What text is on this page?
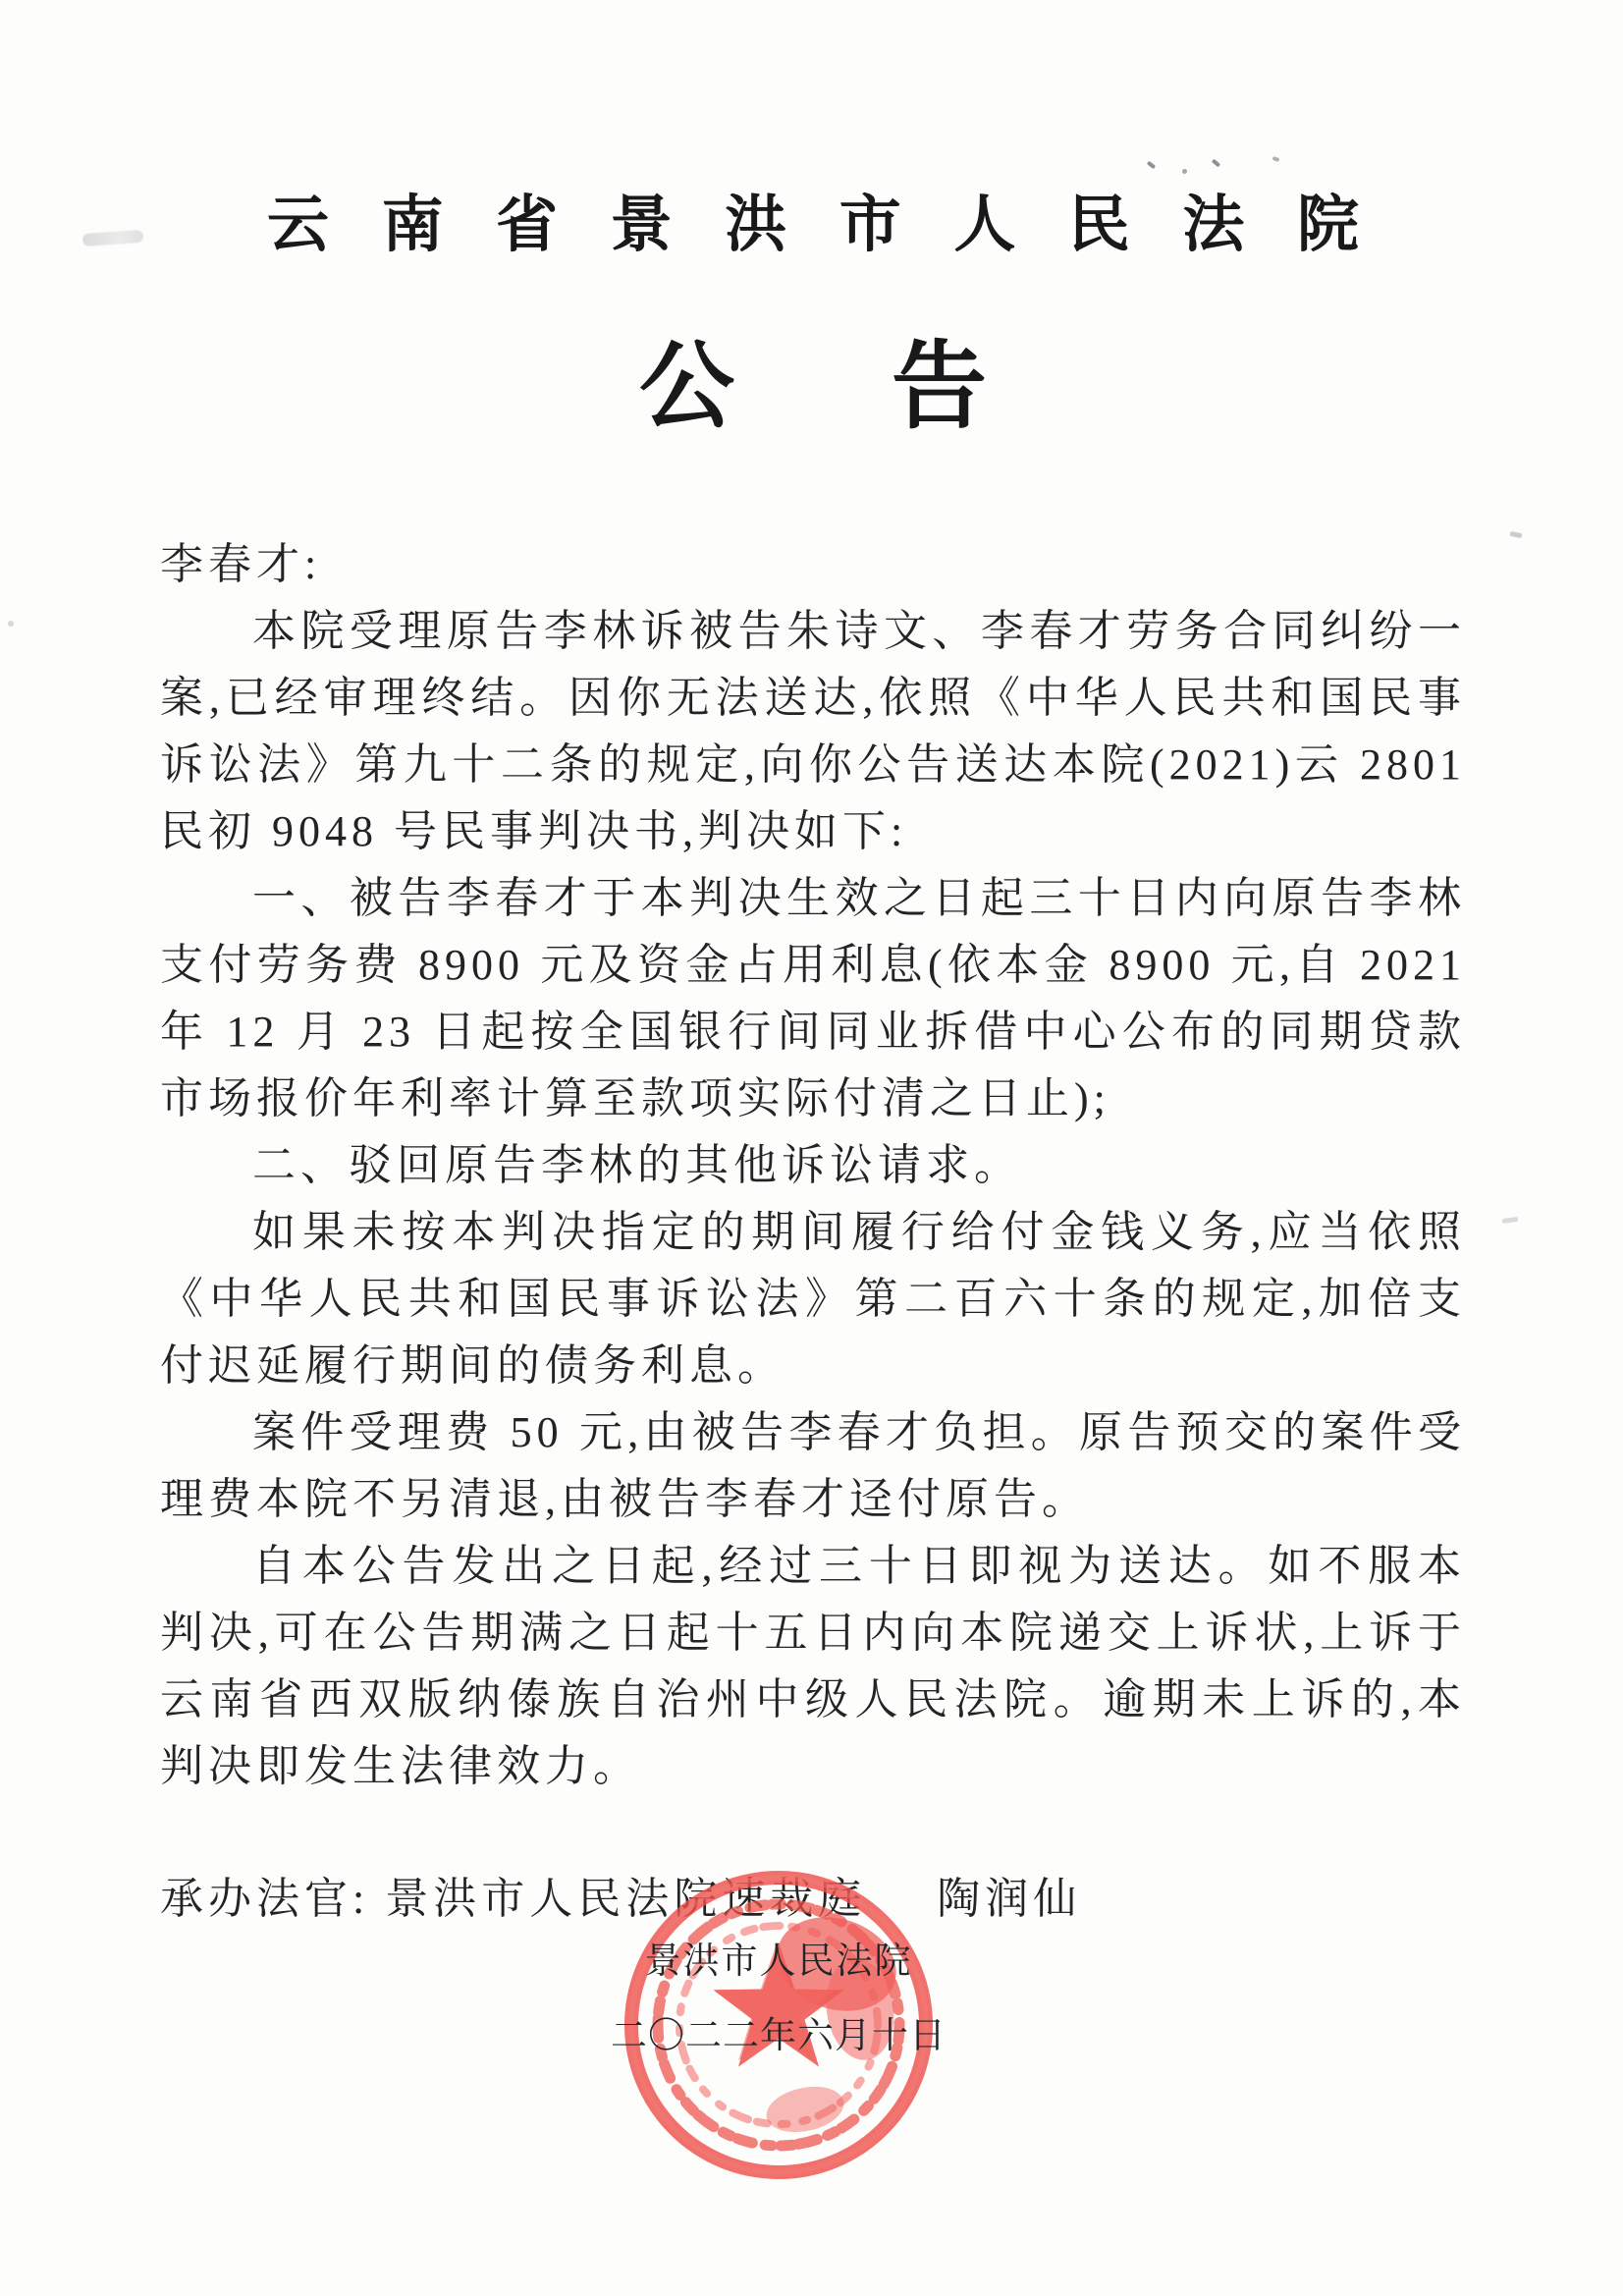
云南省景洪市人民法院
公告
李春才:
本院受理原告李林诉被告朱诗文、李春才劳务合同纠纷一案,已经审理终结。因你无法送达,依照《中华人民共和国民事诉讼法》第九十二条的规定,向你公告送达本院(2021)云 2801 民初 9048 号民事判决书,判决如下:
一、被告李春才于本判决生效之日起三十日内向原告李林支付劳务费 8900 元及资金占用利息(依本金 8900 元,自 2021 年 12 月 23 日起按全国银行间同业拆借中心公布的同期贷款市场报价年利率计算至款项实际付清之日止);
二、驳回原告李林的其他诉讼请求。
如果未按本判决指定的期间履行给付金钱义务,应当依照《中华人民共和国民事诉讼法》第二百六十条的规定,加倍支付迟延履行期间的债务利息。
案件受理费 50 元,由被告李春才负担。原告预交的案件受理费本院不另清退,由被告李春才迳付原告。
自本公告发出之日起,经过三十日即视为送达。如不服本判决,可在公告期满之日起十五日内向本院递交上诉状,上诉于云南省西双版纳傣族自治州中级人民法院。逾期未上诉的,本判决即发生法律效力。
承办法官: 景洪市人民法院速裁庭 陶润仙
景洪市人民法院
二〇二二年六月十日
